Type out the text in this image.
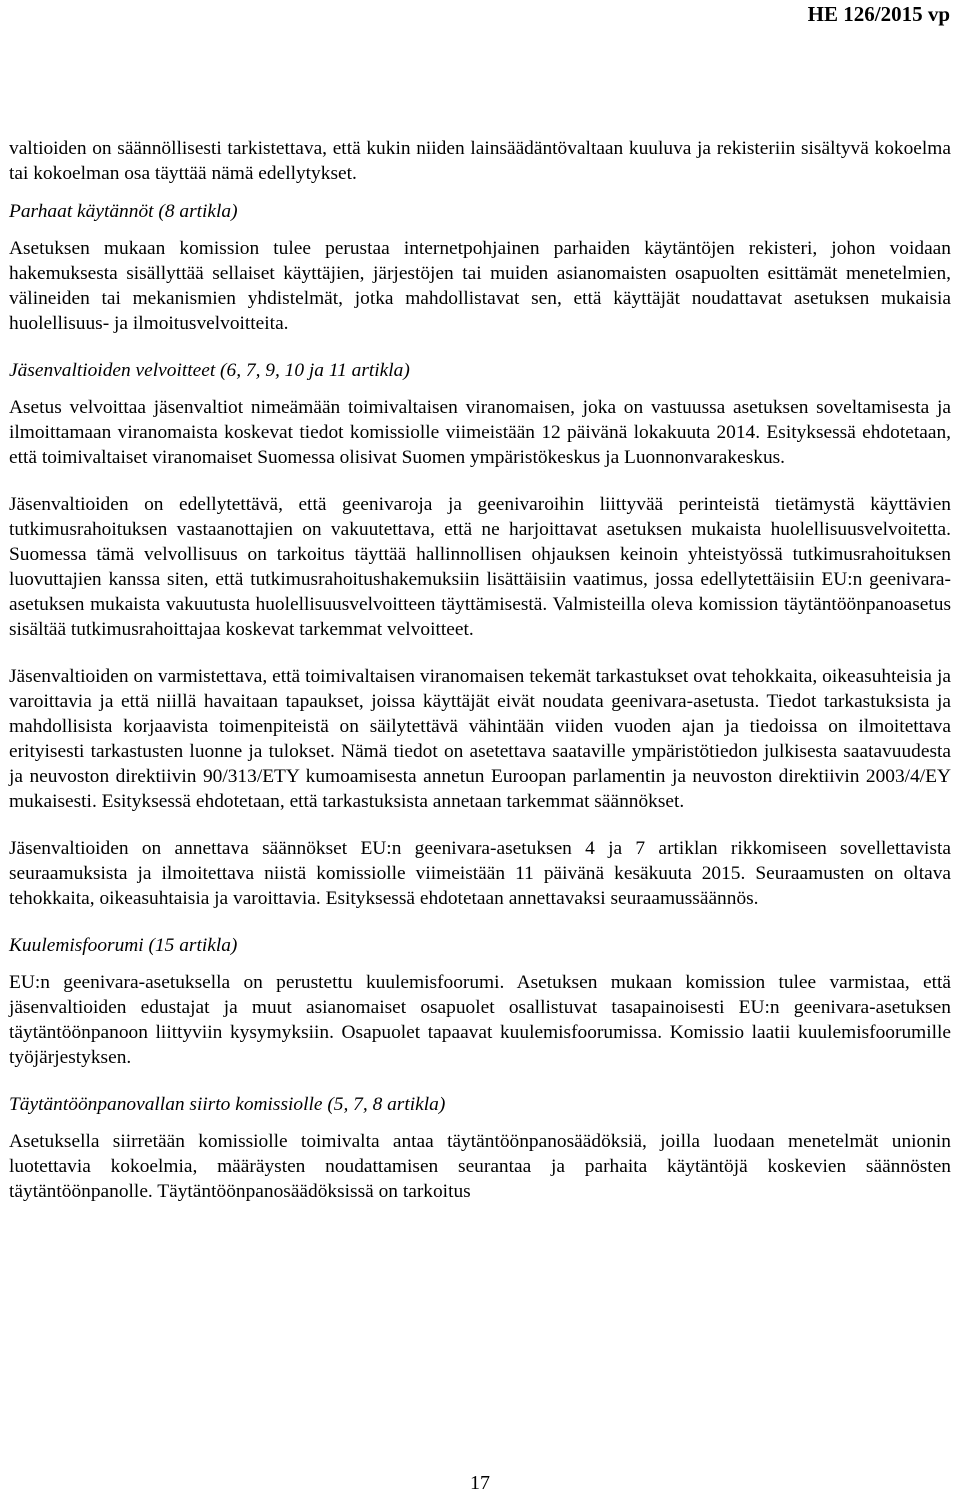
HE 126/2015 vp

valtioiden on säännöllisesti tarkistettava, että kukin niiden lainsäädäntövaltaan kuuluva ja rekisteriin sisältyvä kokoelma tai kokoelman osa täyttää nämä edellytykset.

Parhaat käytännöt (8 artikla)

Asetuksen mukaan komission tulee perustaa internetpohjainen parhaiden käytäntöjen rekisteri, johon voidaan hakemuksesta sisällyttää sellaiset käyttäjien, järjestöjen tai muiden asianomaisten osapuolten esittämät menetelmien, välineiden tai mekanismien yhdistelmät, jotka mahdollistavat sen, että käyttäjät noudattavat asetuksen mukaisia huolellisuus- ja ilmoitusvelvoitteita.

Jäsenvaltioiden velvoitteet (6, 7, 9, 10 ja 11 artikla)

Asetus velvoittaa jäsenvaltiot nimeämään toimivaltaisen viranomaisen, joka on vastuussa asetuksen soveltamisesta ja ilmoittamaan viranomaista koskevat tiedot komissiolle viimeistään 12 päivänä lokakuuta 2014. Esityksessä ehdotetaan, että toimivaltaiset viranomaiset Suomessa olisivat Suomen ympäristökeskus ja Luonnonvarakeskus.

Jäsenvaltioiden on edellytettävä, että geenivaroja ja geenivaroihin liittyvää perinteistä tietämystä käyttävien tutkimusrahoituksen vastaanottajien on vakuutettava, että ne harjoittavat asetuksen mukaista huolellisuusvelvoitetta. Suomessa tämä velvollisuus on tarkoitus täyttää hallinnollisen ohjauksen keinoin yhteistyössä tutkimusrahoituksen luovuttajien kanssa siten, että tutkimusrahoitushakemuksiin lisättäisiin vaatimus, jossa edellytettäisiin EU:n geenivara-asetuksen mukaista vakuutusta huolellisuusvelvoitteen täyttämisestä. Valmisteilla oleva komission täytäntöönpanoasetus sisältää tutkimusrahoittajaa koskevat tarkemmat velvoitteet.

Jäsenvaltioiden on varmistettava, että toimivaltaisen viranomaisen tekemät tarkastukset ovat tehokkaita, oikeasuhteisia ja varoittavia ja että niillä havaitaan tapaukset, joissa käyttäjät eivät noudata geenivara-asetusta. Tiedot tarkastuksista ja mahdollisista korjaavista toimenpiteistä on säilytettävä vähintään viiden vuoden ajan ja tiedoissa on ilmoitettava erityisesti tarkastusten luonne ja tulokset. Nämä tiedot on asetettava saataville ympäristötiedon julkisesta saatavuudesta ja neuvoston direktiivin 90/313/ETY kumoamisesta annetun Euroopan parlamentin ja neuvoston direktiivin 2003/4/EY mukaisesti. Esityksessä ehdotetaan, että tarkastuksista annetaan tarkemmat säännökset.

Jäsenvaltioiden on annettava säännökset EU:n geenivara-asetuksen 4 ja 7 artiklan rikkomiseen sovellettavista seuraamuksista ja ilmoitettava niistä komissiolle viimeistään 11 päivänä kesäkuuta 2015. Seuraamusten on oltava tehokkaita, oikeasuhtaisia ja varoittavia. Esityksessä ehdotetaan annettavaksi seuraamussäännös.

Kuulemisfoorumi (15 artikla)

EU:n geenivara-asetuksella on perustettu kuulemisfoorumi. Asetuksen mukaan komission tulee varmistaa, että jäsenvaltioiden edustajat ja muut asianomaiset osapuolet osallistuvat tasapainoisesti EU:n geenivara-asetuksen täytäntöönpanoon liittyviin kysymyksiin. Osapuolet tapaavat kuulemisfoorumissa. Komissio laatii kuulemisfoorumille työjärjestyksen.

Täytäntöönpanovallan siirto komissiolle (5, 7, 8 artikla)

Asetuksella siirretään komissiolle toimivalta antaa täytäntöönpanosäädöksiä, joilla luodaan menetelmät unionin luotettavia kokoelmia, määräysten noudattamisen seurantaa ja parhaita käytäntöjä koskevien säännösten täytäntöönpanolle. Täytäntöönpanosäädöksissä on tarkoitus

17
